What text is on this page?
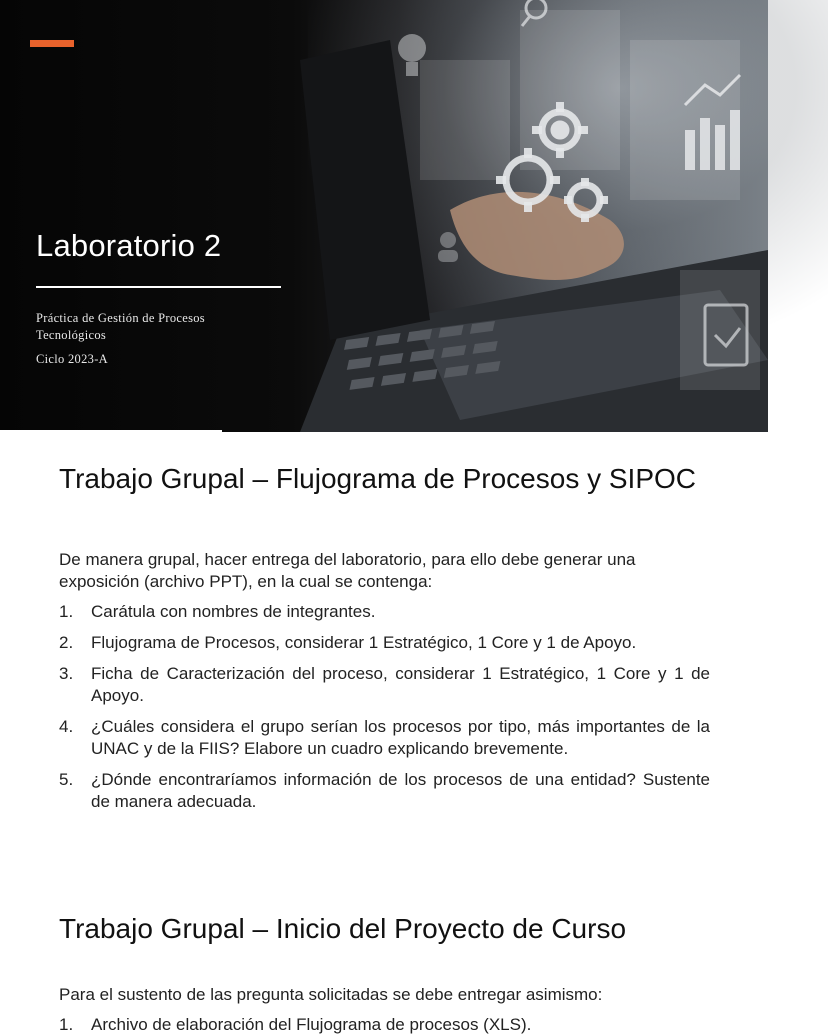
Laboratorio 2
Práctica de Gestión de Procesos Tecnológicos
Ciclo 2023-A
Trabajo Grupal – Flujograma de Procesos y SIPOC

De manera grupal, hacer entrega del laboratorio, para ello debe generar una exposición (archivo PPT), en la cual se contenga:

1. Carátula con nombres de integrantes.
2. Flujograma de Procesos, considerar 1 Estratégico, 1 Core y 1 de Apoyo.
3. Ficha de Caracterización del proceso, considerar 1 Estratégico, 1 Core y 1 de Apoyo.
4. ¿Cuáles considera el grupo serían los procesos por tipo, más importantes de la UNAC y de la FIIS? Elabore un cuadro explicando brevemente.
5. ¿Dónde encontraríamos información de los procesos de una entidad? Sustente de manera adecuada.
Trabajo Grupal – Inicio del Proyecto de Curso

Para el sustento de las pregunta solicitadas se debe entregar asimismo:

1. Archivo de elaboración del Flujograma de procesos (XLS).
